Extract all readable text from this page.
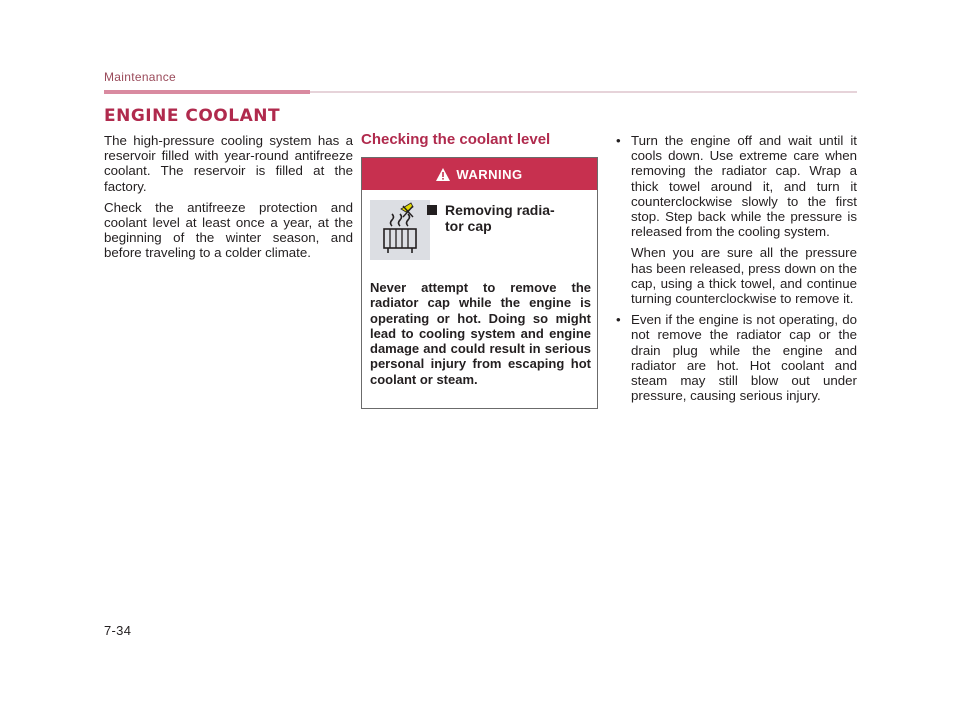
Maintenance
ENGINE COOLANT

The high-pressure cooling system has a reservoir filled with year-round antifreeze coolant. The reservoir is filled at the factory.

Check the antifreeze protection and coolant level at least once a year, at the beginning of the winter season, and before traveling to a colder climate.

Checking the coolant level
WARNING
Removing radia-
tor cap
Never attempt to remove the radiator cap while the engine is operating or hot. Doing so might lead to cooling system and engine damage and could result in serious personal injury from escaping hot coolant or steam.
• Turn the engine off and wait until it cools down. Use extreme care when removing the radiator cap. Wrap a thick towel around it, and turn it counterclockwise slowly to the first stop. Step back while the pressure is released from the cooling system.
When you are sure all the pressure has been released, press down on the cap, using a thick towel, and continue turning counterclockwise to remove it.
• Even if the engine is not operating, do not remove the radiator cap or the drain plug while the engine and radiator are hot. Hot coolant and steam may still blow out under pressure, causing serious injury.
7-34
